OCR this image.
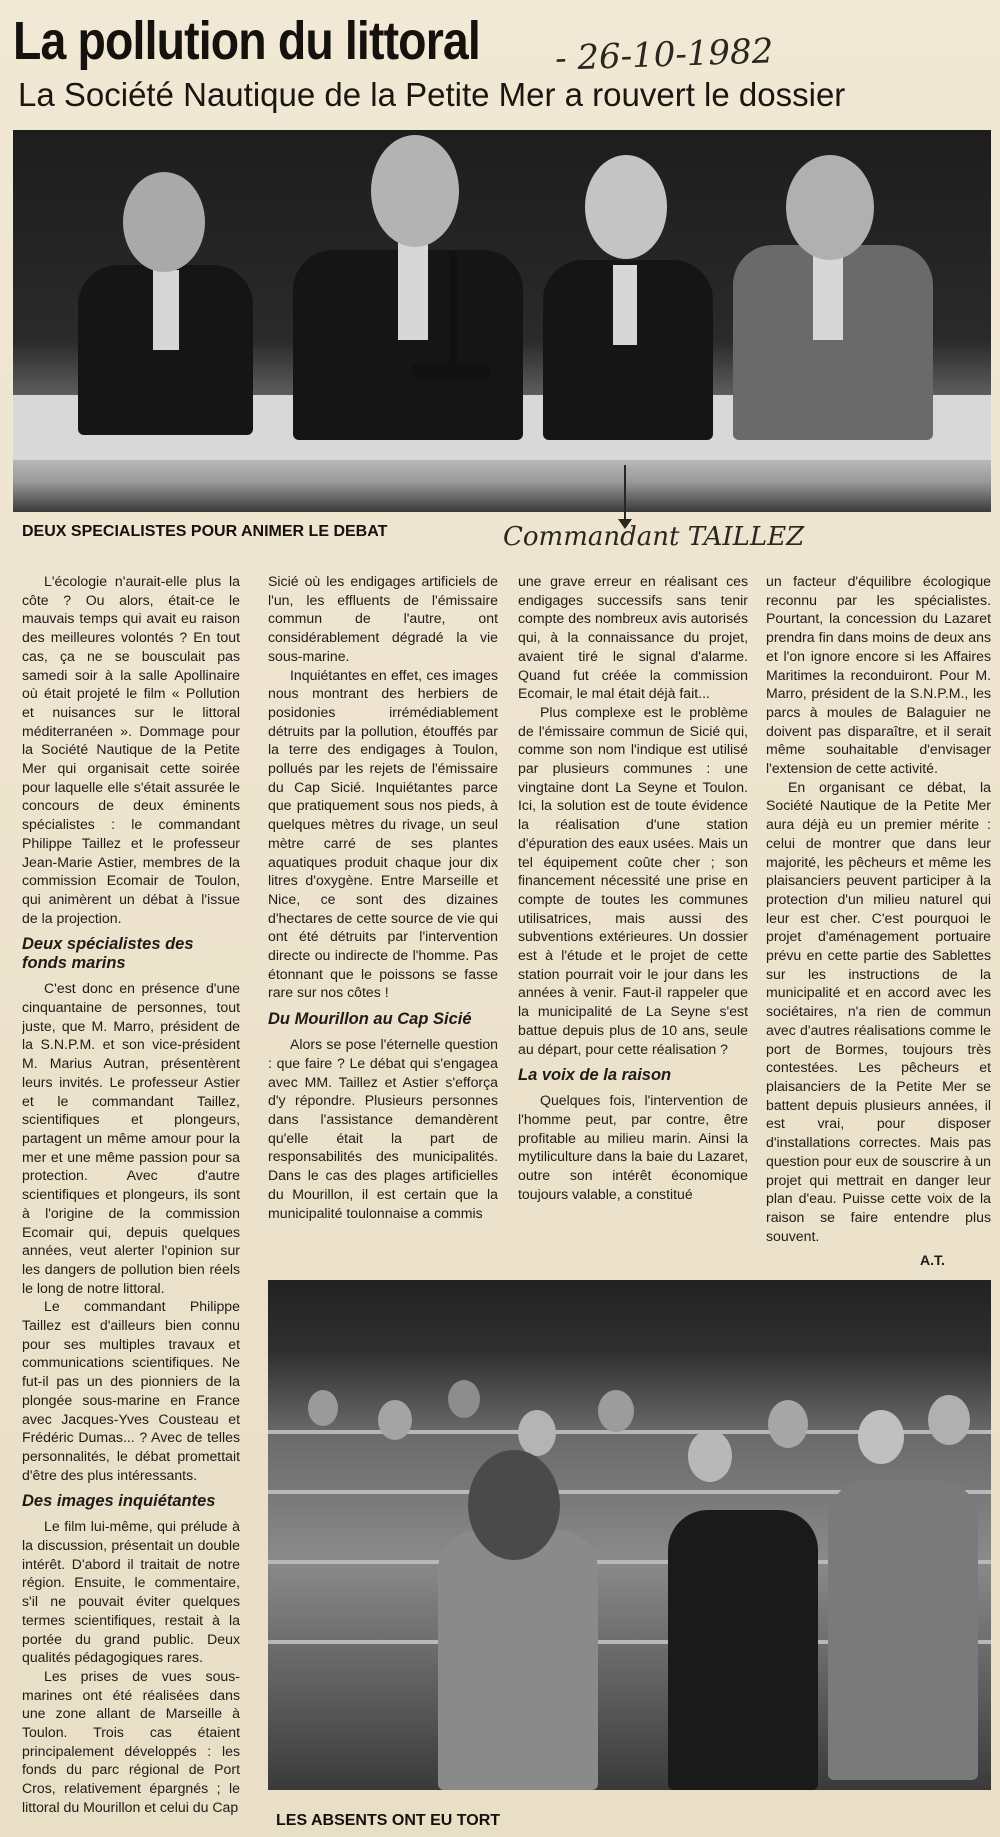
La pollution du littoral - 26-10-1982
La Société Nautique de la Petite Mer a rouvert le dossier
DEUX SPECIALISTES POUR ANIMER LE DEBAT	Commandant TAILLEZ

L'écologie n'aurait-elle plus la côte ? Ou alors, était-ce le mauvais temps qui avait eu raison des meilleures volontés ? En tout cas, ça ne se bousculait pas samedi soir à la salle Apollinaire où était projeté le film « Pollution et nuisances sur le littoral méditerranéen ». Dommage pour la Société Nautique de la Petite Mer qui organisait cette soirée pour laquelle elle s'était assurée le concours de deux éminents spécialistes : le commandant Philippe Taillez et le professeur Jean-Marie Astier, membres de la commission Ecomair de Toulon, qui animèrent un débat à l'issue de la projection.

Deux spécialistes des fonds marins

C'est donc en présence d'une cinquantaine de personnes, tout juste, que M. Marro, président de la S.N.P.M. et son vice-président M. Marius Autran, présentèrent leurs invités. Le professeur Astier et le commandant Taillez, scientifiques et plongeurs, partagent un même amour pour la mer et une même passion pour sa protection. Avec d'autre scientifiques et plongeurs, ils sont à l'origine de la commission Ecomair qui, depuis quelques années, veut alerter l'opinion sur les dangers de pollution bien réels le long de notre littoral.

Le commandant Philippe Taillez est d'ailleurs bien connu pour ses multiples travaux et communications scientifiques. Ne fut-il pas un des pionniers de la plongée sous-marine en France avec Jacques-Yves Cousteau et Frédéric Dumas... ? Avec de telles personnalités, le débat promettait d'être des plus intéressants.

Des images inquiétantes

Le film lui-même, qui prélude à la discussion, présentait un double intérêt. D'abord il traitait de notre région. Ensuite, le commentaire, s'il ne pouvait éviter quelques termes scientifiques, restait à la portée du grand public. Deux qualités pédagogiques rares.

Les prises de vues sous-marines ont été réalisées dans une zone allant de Marseille à Toulon. Trois cas étaient principalement développés : les fonds du parc régional de Port Cros, relativement épargnés ; le littoral du Mourillon et celui du Cap

Sicié où les endigages artificiels de l'un, les effluents de l'émissaire commun de l'autre, ont considérablement dégradé la vie sous-marine.

Inquiétantes en effet, ces images nous montrant des herbiers de posidonies irrémédiablement détruits par la pollution, étouffés par la terre des endigages à Toulon, pollués par les rejets de l'émissaire du Cap Sicié. Inquiétantes parce que pratiquement sous nos pieds, à quelques mètres du rivage, un seul mètre carré de ses plantes aquatiques produit chaque jour dix litres d'oxygène. Entre Marseille et Nice, ce sont des dizaines d'hectares de cette source de vie qui ont été détruits par l'intervention directe ou indirecte de l'homme. Pas étonnant que le poissons se fasse rare sur nos côtes !

Du Mourillon au Cap Sicié

Alors se pose l'éternelle question : que faire ? Le débat qui s'engagea avec MM. Taillez et Astier s'efforça d'y répondre. Plusieurs personnes dans l'assistance demandèrent qu'elle était la part de responsabilités des municipalités. Dans le cas des plages artificielles du Mourillon, il est certain que la municipalité toulonnaise a commis

une grave erreur en réalisant ces endigages successifs sans tenir compte des nombreux avis autorisés qui, à la connaissance du projet, avaient tiré le signal d'alarme. Quand fut créée la commission Ecomair, le mal était déjà fait...

Plus complexe est le problème de l'émissaire commun de Sicié qui, comme son nom l'indique est utilisé par plusieurs communes : une vingtaine dont La Seyne et Toulon. Ici, la solution est de toute évidence la réalisation d'une station d'épuration des eaux usées. Mais un tel équipement coûte cher ; son financement nécessité une prise en compte de toutes les communes utilisatrices, mais aussi des subventions extérieures. Un dossier est à l'étude et le projet de cette station pourrait voir le jour dans les années à venir. Faut-il rappeler que la municipalité de La Seyne s'est battue depuis plus de 10 ans, seule au départ, pour cette réalisation ?

La voix de la raison

Quelques fois, l'intervention de l'homme peut, par contre, être profitable au milieu marin. Ainsi la mytiliculture dans la baie du Lazaret, outre son intérêt économique toujours valable, a constitué

un facteur d'équilibre écologique reconnu par les spécialistes. Pourtant, la concession du Lazaret prendra fin dans moins de deux ans et l'on ignore encore si les Affaires Maritimes la reconduiront. Pour M. Marro, président de la S.N.P.M., les parcs à moules de Balaguier ne doivent pas disparaître, et il serait même souhaitable d'envisager l'extension de cette activité.

En organisant ce débat, la Société Nautique de la Petite Mer aura déjà eu un premier mérite : celui de montrer que dans leur majorité, les pêcheurs et même les plaisanciers peuvent participer à la protection d'un milieu naturel qui leur est cher. C'est pourquoi le projet d'aménagement portuaire prévu en cette partie des Sablettes sur les instructions de la municipalité et en accord avec les sociétaires, n'a rien de commun avec d'autres réalisations comme le port de Bormes, toujours très contestées. Les pêcheurs et plaisanciers de la Petite Mer se battent depuis plusieurs années, il est vrai, pour disposer d'installations correctes. Mais pas question pour eux de souscrire à un projet qui mettrait en danger leur plan d'eau. Puisse cette voix de la raison se faire entendre plus souvent.

A.T.
LES ABSENTS ONT EU TORT
